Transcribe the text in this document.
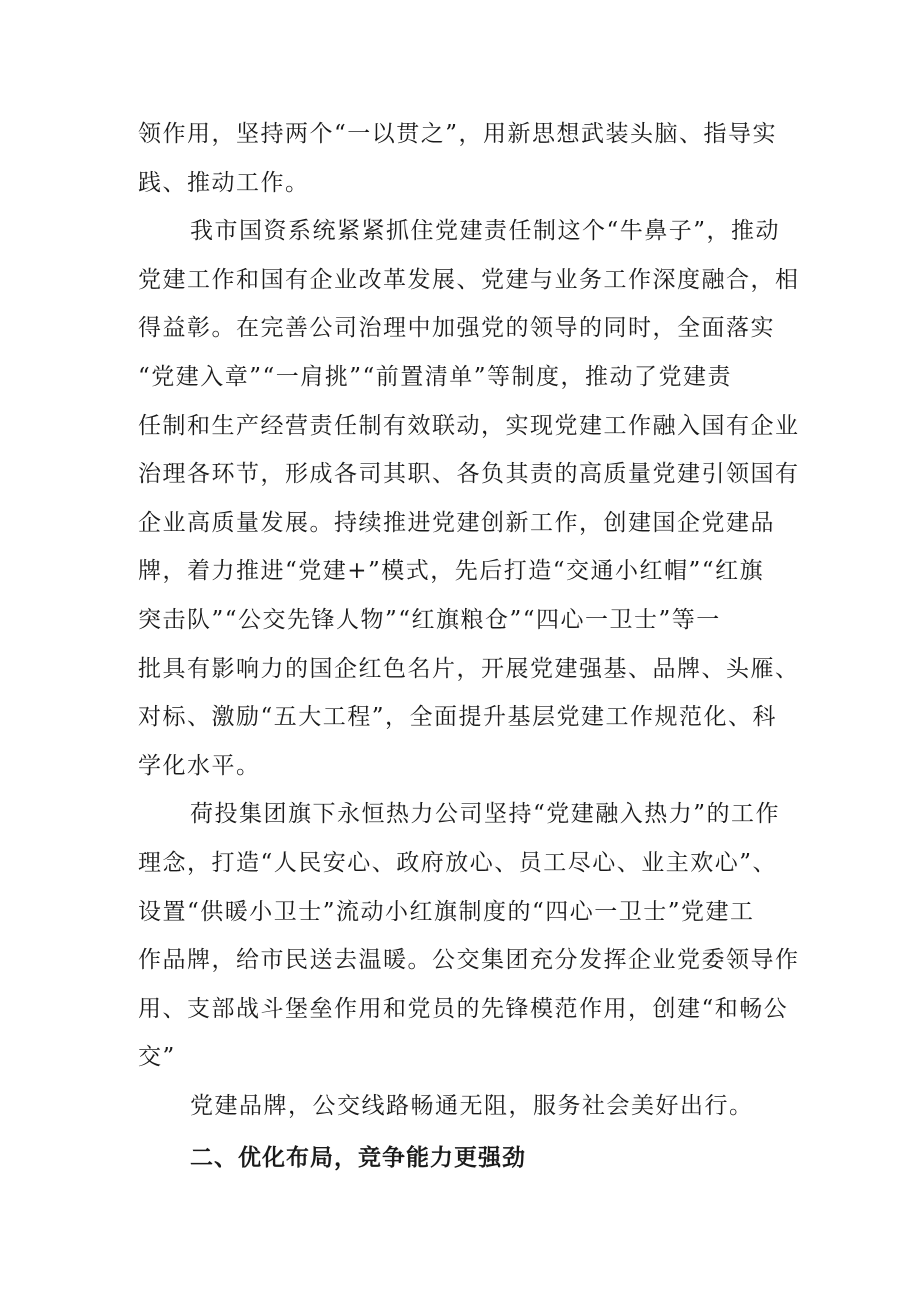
领作用，坚持两个“一以贯之”，用新思想武装头脑、指导实
践、推动工作。
我市国资系统紧紧抓住党建责任制这个“牛鼻子”，推动
党建工作和国有企业改革发展、党建与业务工作深度融合，相
得益彰。在完善公司治理中加强党的领导的同时，全面落实
“党建入章”“一肩挑”“前置清单”等制度，推动了党建责
任制和生产经营责任制有效联动，实现党建工作融入国有企业
治理各环节，形成各司其职、各负其责的高质量党建引领国有
企业高质量发展。持续推进党建创新工作，创建国企党建品
牌，着力推进“党建+”模式，先后打造“交通小红帽”“红旗
突击队”“公交先锋人物”“红旗粮仓”“四心一卫士”等一
批具有影响力的国企红色名片，开展党建强基、品牌、头雁、
对标、激励“五大工程”，全面提升基层党建工作规范化、科
学化水平。
荷投集团旗下永恒热力公司坚持“党建融入热力”的工作
理念，打造“人民安心、政府放心、员工尽心、业主欢心”、
设置“供暖小卫士”流动小红旗制度的“四心一卫士”党建工
作品牌，给市民送去温暖。公交集团充分发挥企业党委领导作
用、支部战斗堡垒作用和党员的先锋模范作用，创建“和畅公
交”
党建品牌，公交线路畅通无阻，服务社会美好出行。
二、优化布局，竞争能力更强劲
